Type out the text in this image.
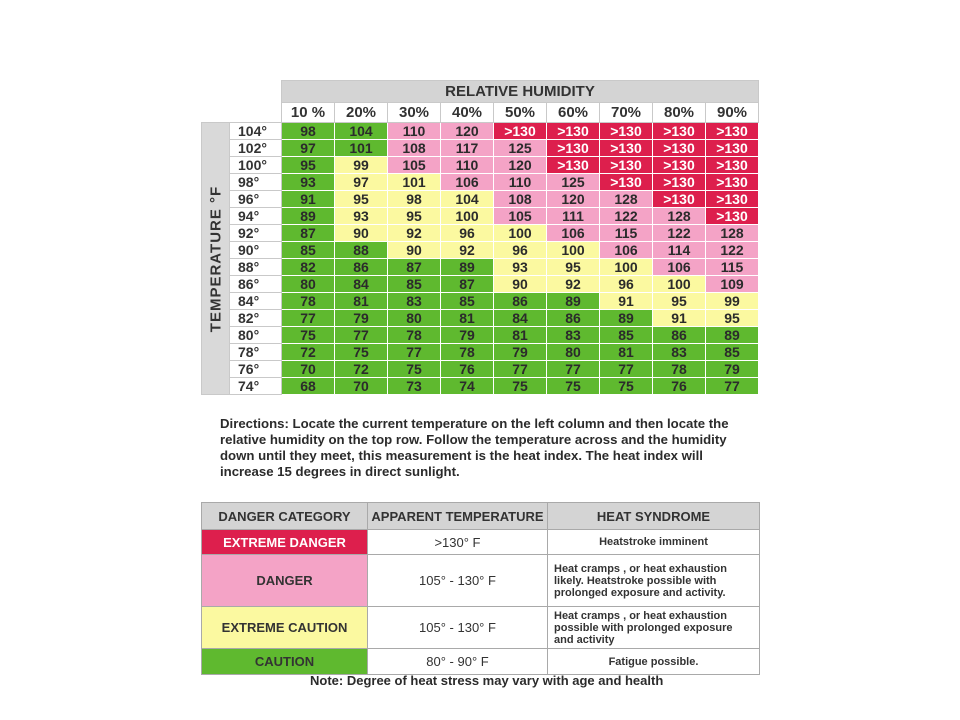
		RELATIVE HUMIDITY								
		10 %	20%	30%	40%	50%	60%	70%	80%	90%

TEMPERATURE °F	104°	98	104	110	120	>130	>130	>130	>130	>130
	102°	97	101	108	117	125	>130	>130	>130	>130
	100°	95	99	105	110	120	>130	>130	>130	>130
	98°	93	97	101	106	110	125	>130	>130	>130
	96°	91	95	98	104	108	120	128	>130	>130
	94°	89	93	95	100	105	111	122	128	>130
	92°	87	90	92	96	100	106	115	122	128
	90°	85	88	90	92	96	100	106	114	122
	88°	82	86	87	89	93	95	100	106	115
	86°	80	84	85	87	90	92	96	100	109
	84°	78	81	83	85	86	89	91	95	99
	82°	77	79	80	81	84	86	89	91	95
	80°	75	77	78	79	81	83	85	86	89
	78°	72	75	77	78	79	80	81	83	85
	76°	70	72	75	76	77	77	77	78	79
	74°	68	70	73	74	75	75	75	76	77

Directions: Locate the current temperature on the left column and then locate the relative humidity on the top row. Follow the temperature across and the humidity down until they meet, this measurement is the heat index. The heat index will increase 15 degrees in direct sunlight.

DANGER CATEGORY	APPARENT TEMPERATURE	HEAT SYNDROME
EXTREME DANGER	>130° F	Heatstroke imminent
DANGER	105° - 130° F	Heat cramps , or heat exhaustion likely. Heatstroke possible with prolonged exposure and activity.
EXTREME CAUTION	105° - 130° F	Heat cramps , or heat exhaustion possible with prolonged exposure and activity
CAUTION	80° - 90° F	Fatigue possible.

Note: Degree of heat stress may vary with age and health
